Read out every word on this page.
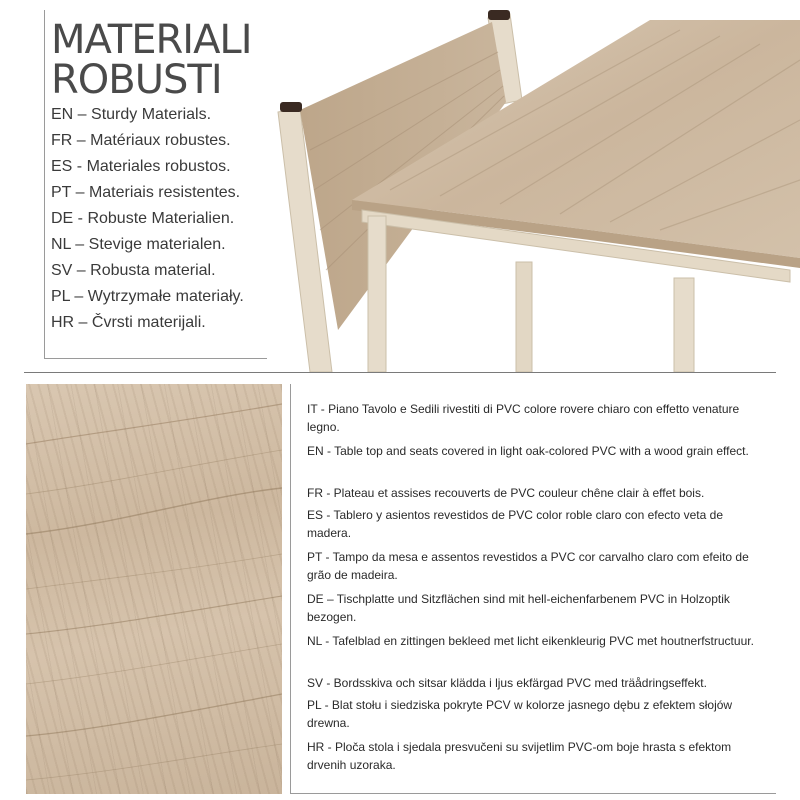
MATERIALI
ROBUSTI
EN – Sturdy Materials.
FR – Matériaux robustes.
ES - Materiales robustos.
PT – Materiais resistentes.
DE - Robuste Materialien.
NL – Stevige materialen.
SV – Robusta material.
PL – Wytrzymałe materiały.
HR – Čvrsti materijali.

IT - Piano Tavolo e Sedili rivestiti di PVC colore rovere chiaro con effetto venature legno.

EN - Table top and seats covered in light oak-colored PVC with a wood grain effect.

FR - Plateau et assises recouverts de PVC couleur chêne clair à effet bois.

ES - Tablero y asientos revestidos de PVC color roble claro con efecto veta de madera.

PT - Tampo da mesa e assentos revestidos a PVC cor carvalho claro com efeito de grão de madeira.

DE – Tischplatte und Sitzflächen sind mit hell-eichenfarbenem PVC in Holzoptik bezogen.

NL - Tafelblad en zittingen bekleed met licht eikenkleurig PVC met houtnerfstructuur.

SV - Bordsskiva och sitsar klädda i ljus ekfärgad PVC med träådringseffekt.

PL - Blat stołu i siedziska pokryte PCV w kolorze jasnego dębu z efektem słojów drewna.

HR - Ploča stola i sjedala presvučeni su svijetlim PVC-om boje hrasta s efektom drvenih uzoraka.
